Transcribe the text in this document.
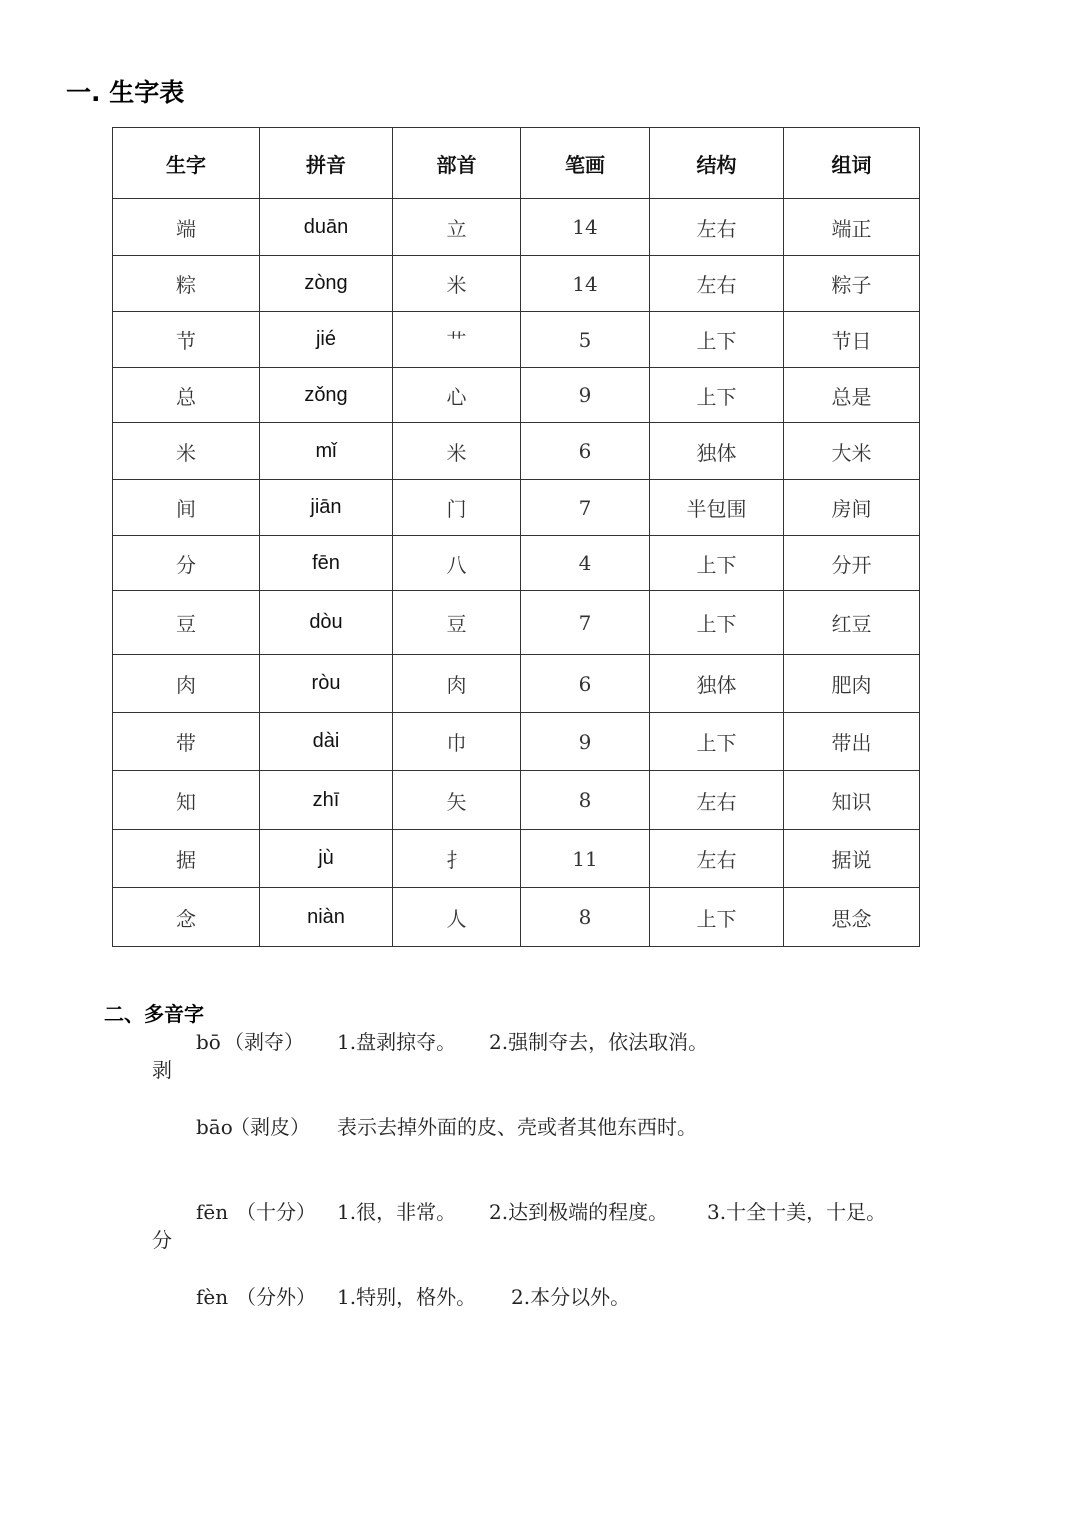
一. 生字表
生字	拼音	部首	笔画	结构	组词
端	duān	立	14	左右	端正
粽	zòng	米	14	左右	粽子
节	jié	艹	5	上下	节日
总	zǒng	心	9	上下	总是
米	mǐ	米	6	独体	大米
间	jiān	门	7	半包围	房间
分	fēn	八	4	上下	分开
豆	dòu	豆	7	上下	红豆
肉	ròu	肉	6	独体	肥肉
带	dài	巾	9	上下	带出
知	zhī	矢	8	左右	知识
据	jù	扌	11	左右	据说
念	niàn	人	8	上下	思念
二、多音字
bō （剥夺） 1.盘剥掠夺。 2.强制夺去，依法取消。
剥
bāo
（剥皮） 表示去掉外面的皮、壳或者其他东西时。
fēn （十分） 1.很，非常。 2.达到极端的程度。 3.十全十美，十足。
分
fèn （分外） 1.特别，格外。 2.本分以外。
